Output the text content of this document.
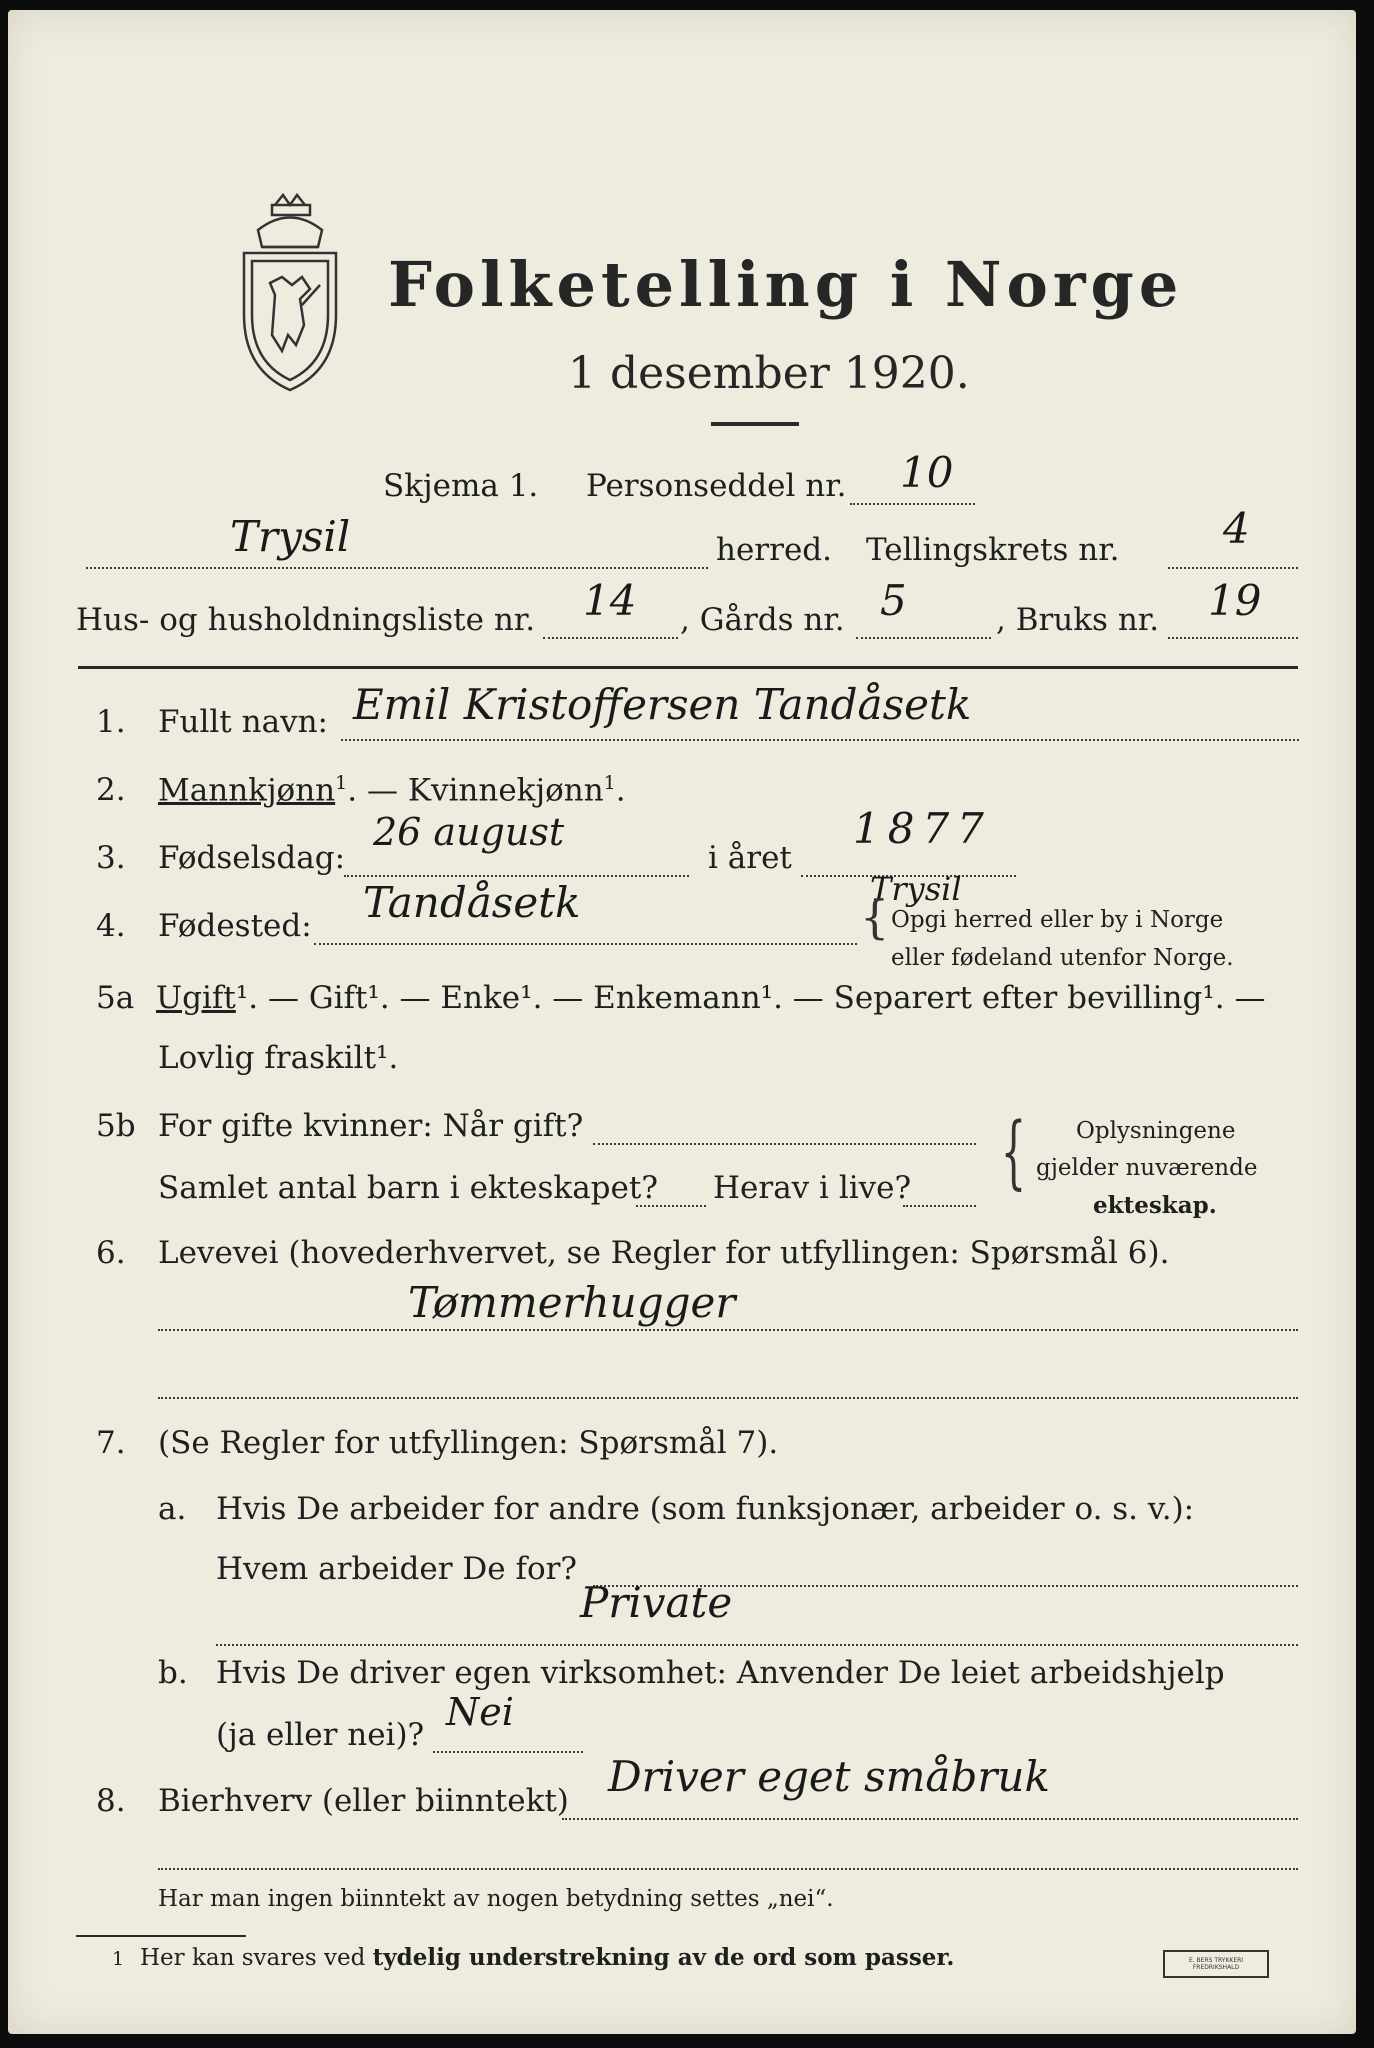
Folketelling i Norge
1 desember 1920.
Skjema 1. Personseddel nr. 10
Trysil	herred. Tellingskrets nr. 4
Hus- og husholdningsliste nr. 14 , Gårds nr. 5	, Bruks nr. 19
1. Fullt navn: Emil Kristoffersen Tandåsetk
2. Mannkjønn$^1$. — Kvinnekjønn$^1$.
3. Fødselsdag:
26 august
i året
1877
4. Fødested: Tandåsetk	Trysil
{ Opgi herred eller by i Norge
eller fødeland utenfor Norge.
5a Ugift¹. — Gift¹. — Enke¹. — Enkemann¹. — Separert efter bevilling¹. —
Lovlig fraskilt¹.
5b For gifte kvinner: Når gift?
Samlet antal barn i ekteskapet? Herav i live? { Oplysningene
gjelder nuværende
ekteskap.
6. Levevei (hovederhvervet, se Regler for utfyllingen: Spørsmål 6).
Tømmerhugger
7. (Se Regler for utfyllingen: Spørsmål 7).
a. Hvis De arbeider for andre (som funksjonær, arbeider o. s. v.):
Hvem arbeider De for?
Private
b. Hvis De driver egen virksomhet: Anvender De leiet arbeidshjelp
(ja eller nei)?
Nei
8. Bierhverv (eller biinntekt) Driver eget småbruk
Har man ingen biinntekt av nogen betydning settes „nei“.
1 Her kan svares ved tydelig understrekning av de ord som passer.	E. BERS TRYKKERI
FREDRIKSHALD
